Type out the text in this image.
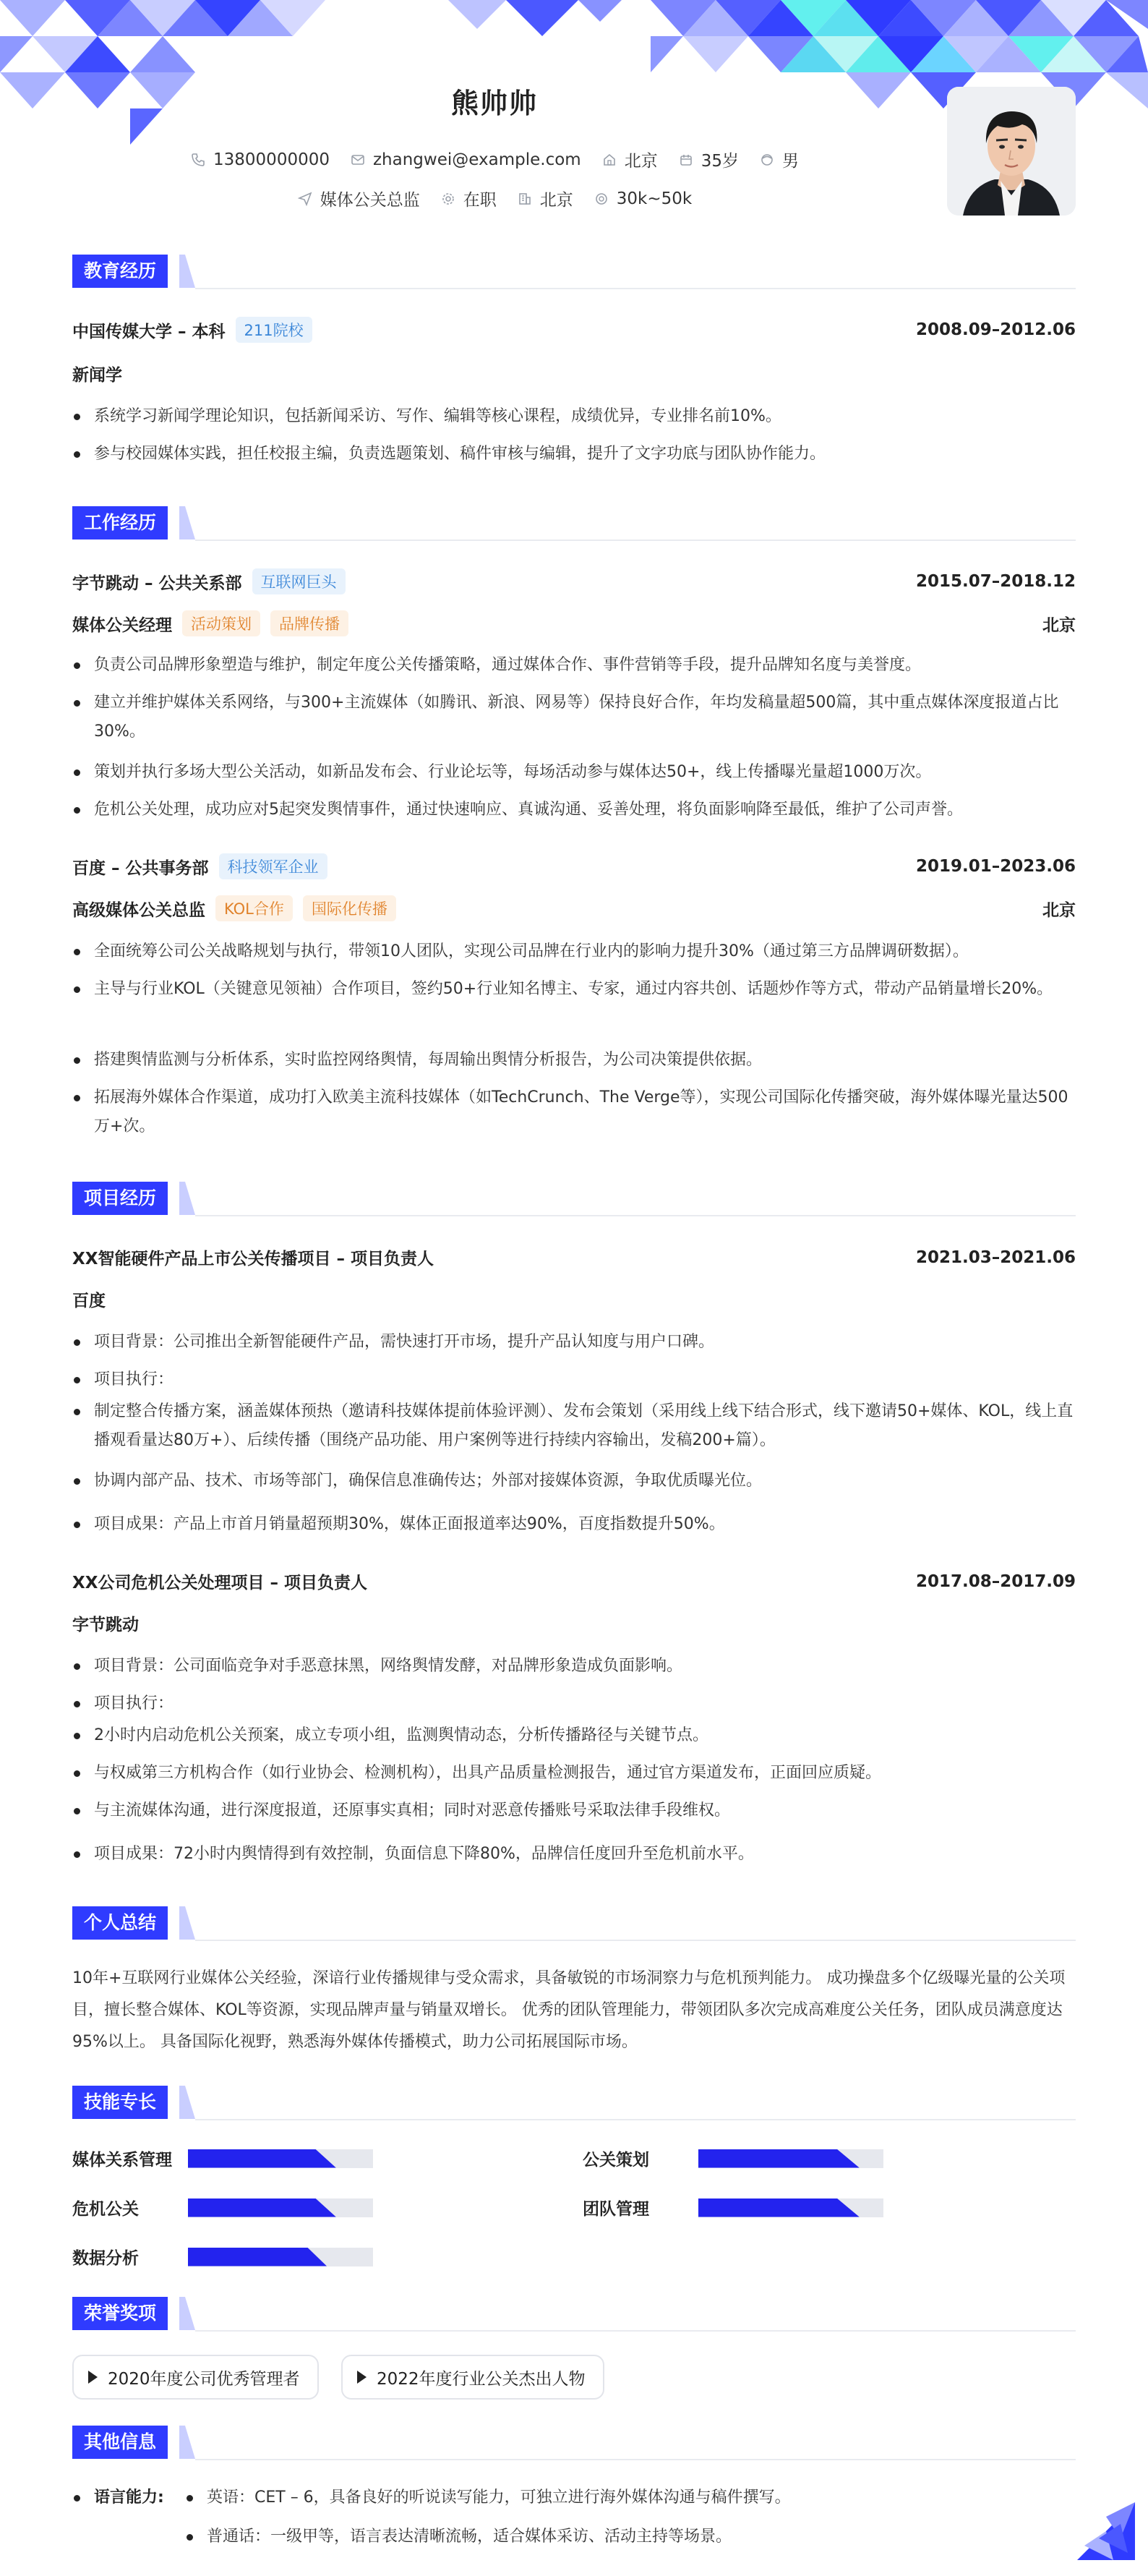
熊帅帅
13800000000	zhangwei@example.com	北京	35岁	男
媒体公关总监	在职	北京	30k~50k
教育经历
中国传媒大学 – 本科	211院校	2008.09–2012.06
新闻学
系统学习新闻学理论知识，包括新闻采访、写作、编辑等核心课程，成绩优异，专业排名前10%。
参与校园媒体实践，担任校报主编，负责选题策划、稿件审核与编辑，提升了文字功底与团队协作能力。
工作经历
字节跳动 – 公共关系部	互联网巨头	2015.07–2018.12
媒体公关经理	活动策划	品牌传播	北京
负责公司品牌形象塑造与维护，制定年度公关传播策略，通过媒体合作、事件营销等手段，提升品牌知名度与美誉度。
建立并维护媒体关系网络，与300+主流媒体（如腾讯、新浪、网易等）保持良好合作，年均发稿量超500篇，其中重点媒体深度报道占比30%。
策划并执行多场大型公关活动，如新品发布会、行业论坛等，每场活动参与媒体达50+，线上传播曝光量超1000万次。
危机公关处理，成功应对5起突发舆情事件，通过快速响应、真诚沟通、妥善处理，将负面影响降至最低，维护了公司声誉。
百度 – 公共事务部	科技领军企业	2019.01–2023.06
高级媒体公关总监	KOL合作	国际化传播	北京
全面统筹公司公关战略规划与执行，带领10人团队，实现公司品牌在行业内的影响力提升30%（通过第三方品牌调研数据）。
主导与行业KOL（关键意见领袖）合作项目，签约50+行业知名博主、专家，通过内容共创、话题炒作等方式，带动产品销量增长20%。
搭建舆情监测与分析体系，实时监控网络舆情，每周输出舆情分析报告，为公司决策提供依据。
拓展海外媒体合作渠道，成功打入欧美主流科技媒体（如TechCrunch、The Verge等），实现公司国际化传播突破，海外媒体曝光量达500万+次。
项目经历
XX智能硬件产品上市公关传播项目 – 项目负责人	2021.03–2021.06
百度
项目背景：公司推出全新智能硬件产品，需快速打开市场，提升产品认知度与用户口碑。
项目执行：
制定整合传播方案，涵盖媒体预热（邀请科技媒体提前体验评测）、发布会策划（采用线上线下结合形式，线下邀请50+媒体、KOL，线上直播观看量达80万+）、后续传播（围绕产品功能、用户案例等进行持续内容输出，发稿200+篇）。
协调内部产品、技术、市场等部门，确保信息准确传达；外部对接媒体资源，争取优质曝光位。
项目成果：产品上市首月销量超预期30%，媒体正面报道率达90%，百度指数提升50%。
XX公司危机公关处理项目 – 项目负责人	2017.08–2017.09
字节跳动
项目背景：公司面临竞争对手恶意抹黑，网络舆情发酵，对品牌形象造成负面影响。
项目执行：
2小时内启动危机公关预案，成立专项小组，监测舆情动态，分析传播路径与关键节点。
与权威第三方机构合作（如行业协会、检测机构），出具产品质量检测报告，通过官方渠道发布，正面回应质疑。
与主流媒体沟通，进行深度报道，还原事实真相；同时对恶意传播账号采取法律手段维权。
项目成果：72小时内舆情得到有效控制，负面信息下降80%，品牌信任度回升至危机前水平。
个人总结
10年+互联网行业媒体公关经验，深谙行业传播规律与受众需求，具备敏锐的市场洞察力与危机预判能力。 成功操盘多个亿级曝光量的公关项目，擅长整合媒体、KOL等资源，实现品牌声量与销量双增长。 优秀的团队管理能力，带领团队多次完成高难度公关任务，团队成员满意度达95%以上。 具备国际化视野，熟悉海外媒体传播模式，助力公司拓展国际市场。
技能专长
媒体关系管理	公关策划
危机公关	团队管理
数据分析
荣誉奖项
2020年度公司优秀管理者	2022年度行业公关杰出人物
其他信息
语言能力:	英语：CET – 6，具备良好的听说读写能力，可独立进行海外媒体沟通与稿件撰写。
普通话：一级甲等，语言表达清晰流畅，适合媒体采访、活动主持等场景。
